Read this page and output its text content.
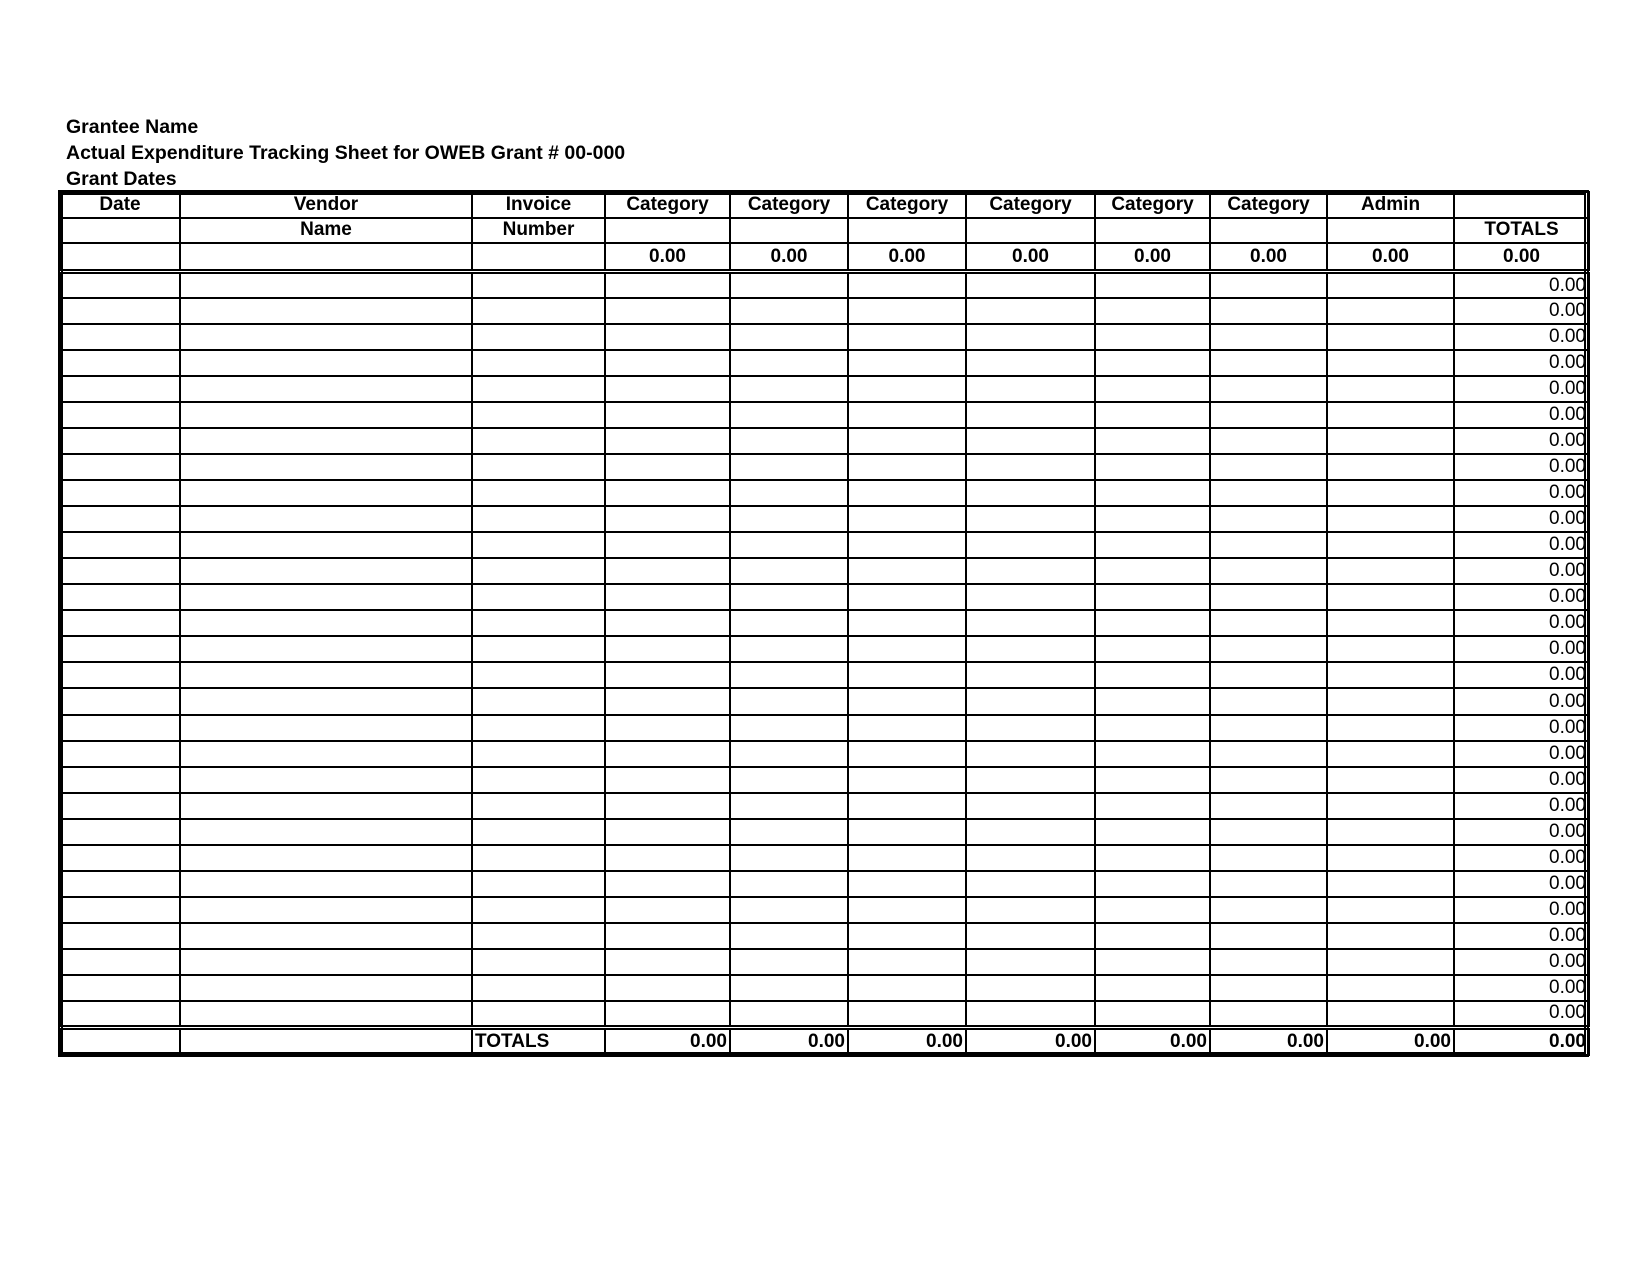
Grantee Name
Actual Expenditure Tracking Sheet for OWEB Grant # 00-000
Grant Dates
Date	Vendor	Invoice	Category	Category	Category	Category	Category	Category	Admin	
	Name	Number								TOTALS
			0.00	0.00	0.00	0.00	0.00	0.00	0.00	0.00
										0.00
										0.00
										0.00
										0.00
										0.00
										0.00
										0.00
										0.00
										0.00
										0.00
										0.00
										0.00
										0.00
										0.00
										0.00
										0.00
										0.00
										0.00
										0.00
										0.00
										0.00
										0.00
										0.00
										0.00
										0.00
										0.00
										0.00
										0.00
										0.00
		TOTALS	0.00	0.00	0.00	0.00	0.00	0.00	0.00	0.00
